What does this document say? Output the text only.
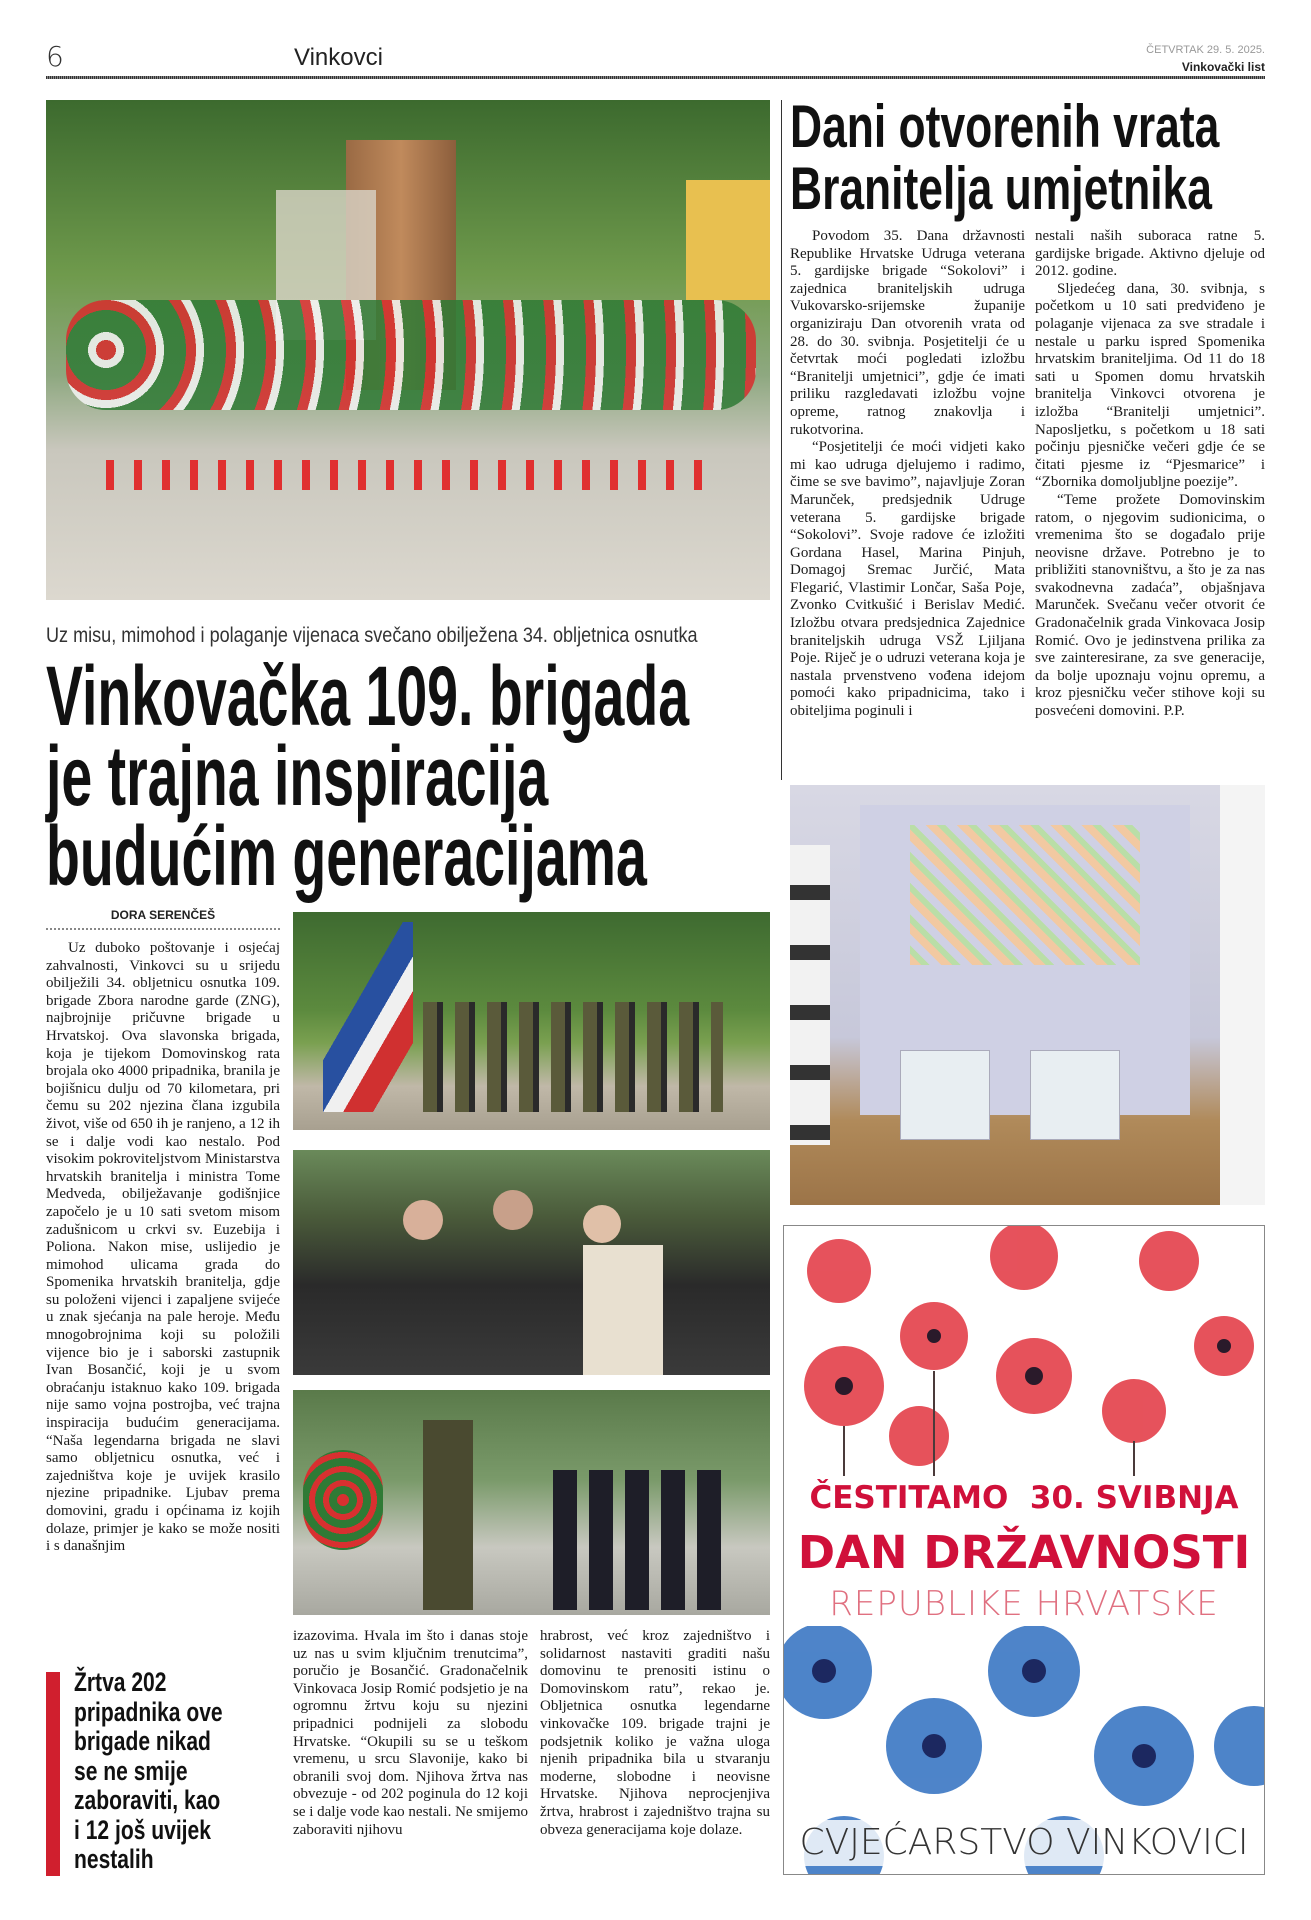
6	Vinkovci	ČETVRTAK 29. 5. 2025.
Vinkovački list
Dani otvorenih vrata
Branitelja umjetnika

Povodom 35. Dana državnosti Republike Hrvatske Udruga veterana 5. gardijske brigade “Sokolovi” i zajednica braniteljskih udruga Vukovarsko-srijemske županije organiziraju Dan otvorenih vrata od 28. do 30. svibnja. Posjetitelji će u četvrtak moći pogledati izložbu “Branitelji umjetnici”, gdje će imati priliku razgledavati izložbu vojne opreme, ratnog znakovlja i rukotvorina.

“Posjetitelji će moći vidjeti kako mi kao udruga djelujemo i radimo, čime se sve bavimo”, najavljuje Zoran Marunček, predsjednik Udruge veterana 5. gardijske brigade “Sokolovi”. Svoje radove će izložiti Gordana Hasel, Marina Pinjuh, Domagoj Sremac Jurčić, Mata Flegarić, Vlastimir Lončar, Saša Poje, Zvonko Cvitkušić i Berislav Medić. Izložbu otvara predsjednica Zajednice braniteljskih udruga VSŽ Ljiljana Poje. Riječ je o udruzi veterana koja je nastala prvenstveno vođena idejom pomoći kako pripadnicima, tako i obiteljima poginuli i

nestali naših suboraca ratne 5. gardijske brigade. Aktivno djeluje od 2012. godine.

Sljedećeg dana, 30. svibnja, s početkom u 10 sati predviđeno je polaganje vijenaca za sve stradale i nestale u parku ispred Spomenika hrvatskim braniteljima. Od 11 do 18 sati u Spomen domu hrvatskih branitelja Vinkovci otvorena je izložba “Branitelji umjetnici”. Naposljetku, s početkom u 18 sati počinju pjesničke večeri gdje će se čitati pjesme iz “Pjesmarice” i “Zbornika domoljubljne poezije”.

“Teme prožete Domovinskim ratom, o njegovim sudionicima, o vremenima što se događalo prije neovisne države. Potrebno je to približiti stanovništvu, a što je za nas svakodnevna zadaća”, objašnjava Marunček. Svečanu večer otvorit će Gradonačelnik grada Vinkovaca Josip Romić. Ovo je jedinstvena prilika za sve zainteresirane, za sve generacije, da bolje upoznaju vojnu opremu, a kroz pjesničku večer stihove koji su posvećeni domovini. P.P.

ČESTITAMO  30. SVIBNJA
DAN DRŽAVNOSTI
REPUBLIKE HRVATSKE
CVJEĆARSTVO VINKOVICI
Uz misu, mimohod i polaganje vijenaca svečano obilježena 34. obljetnica osnutka
Vinkovačka 109. brigada
je trajna inspiracija
budućim generacijama
DORA SERENČEŠ

Uz duboko poštovanje i osjećaj zahvalnosti, Vinkovci su u srijedu obilježili 34. obljetnicu osnutka 109. brigade Zbora narodne garde (ZNG), najbrojnije pričuvne brigade u Hrvatskoj. Ova slavonska brigada, koja je tijekom Domovinskog rata brojala oko 4000 pripadnika, branila je bojišnicu dulju od 70 kilometara, pri čemu su 202 njezina člana izgubila život, više od 650 ih je ranjeno, a 12 ih se i dalje vodi kao nestalo. Pod visokim pokroviteljstvom Ministarstva hrvatskih branitelja i ministra Tome Medveda, obilježavanje godišnjice započelo je u 10 sati svetom misom zadušnicom u crkvi sv. Euzebija i Poliona. Nakon mise, uslijedio je mimohod ulicama grada do Spomenika hrvatskih branitelja, gdje su položeni vijenci i zapaljene svijeće u znak sjećanja na pale heroje. Među mnogobrojnima koji su položili vijence bio je i saborski zastupnik Ivan Bosančić, koji je u svom obraćanju istaknuo kako 109. brigada nije samo vojna postrojba, već trajna inspiracija budućim generacijama. “Naša legendarna brigada ne slavi samo obljetnicu osnutka, već i zajedništva koje je uvijek krasilo njezine pripadnike. Ljubav prema domovini, gradu i općinama iz kojih dolaze, primjer je kako se može nositi i s današnjim

izazovima. Hvala im što i danas stoje uz nas u svim ključnim trenutcima”, poručio je Bosančić. Gradonačelnik Vinkovaca Josip Romić podsjetio je na ogromnu žrtvu koju su njezini pripadnici podnijeli za slobodu Hrvatske. “Okupili su se u teškom vremenu, u srcu Slavonije, kako bi obranili svoj dom. Njihova žrtva nas obvezuje - od 202 poginula do 12 koji se i dalje vode kao nestali. Ne smijemo zaboraviti njihovu

hrabrost, već kroz zajedništvo i solidarnost nastaviti graditi našu domovinu te prenositi istinu o Domovinskom ratu”, rekao je. Obljetnica osnutka legendarne vinkovačke 109. brigade trajni je podsjetnik koliko je važna uloga njenih pripadnika bila u stvaranju moderne, slobodne i neovisne Hrvatske. Njihova neprocjenjiva žrtva, hrabrost i zajedništvo trajna su obveza generacijama koje dolaze.

Žrtva 202
pripadnika ove
brigade nikad
se ne smije
zaboraviti, kao
i 12 još uvijek
nestalih
